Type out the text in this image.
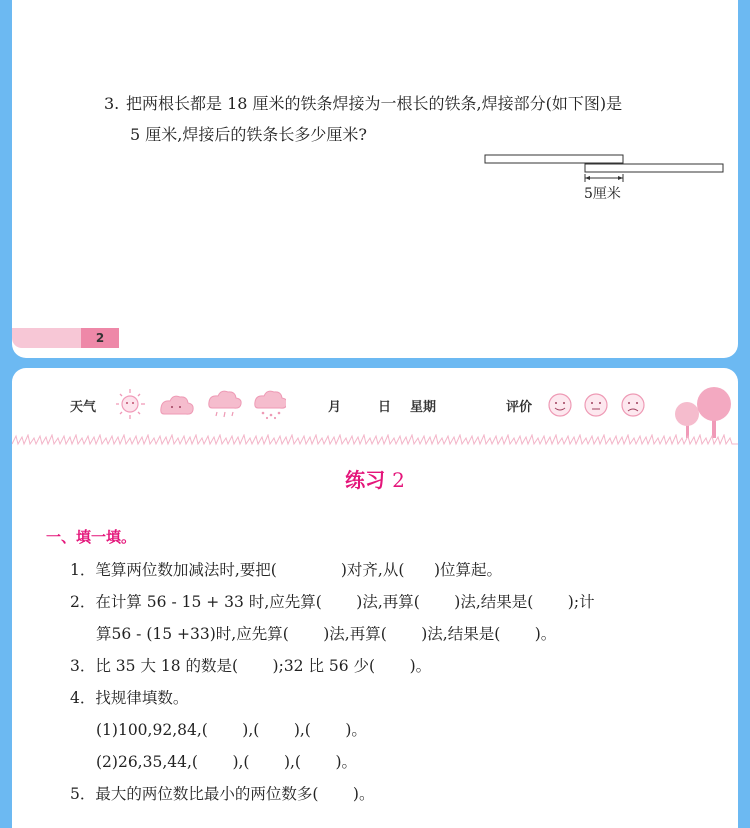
3. 把两根长都是 18 厘米的铁条焊接为一根长的铁条,焊接部分(如下图)是
5 厘米,焊接后的铁条长多少厘米?
5厘米
2
天气	月	日 星期	评价
练习 2
一、填一填。
1．笔算两位数加减法时,要把(             )对齐,从(      )位算起。
2．在计算 56 - 15 + 33 时,应先算(       )法,再算(       )法,结果是(       );计
算56 - (15 +33)时,应先算(       )法,再算(       )法,结果是(       )。
3．比 35 大 18 的数是(       );32 比 56 少(       )。
4．找规律填数。
(1)100,92,84,(       ),(       ),(       )。
(2)26,35,44,(       ),(       ),(       )。
5．最大的两位数比最小的两位数多(       )。
